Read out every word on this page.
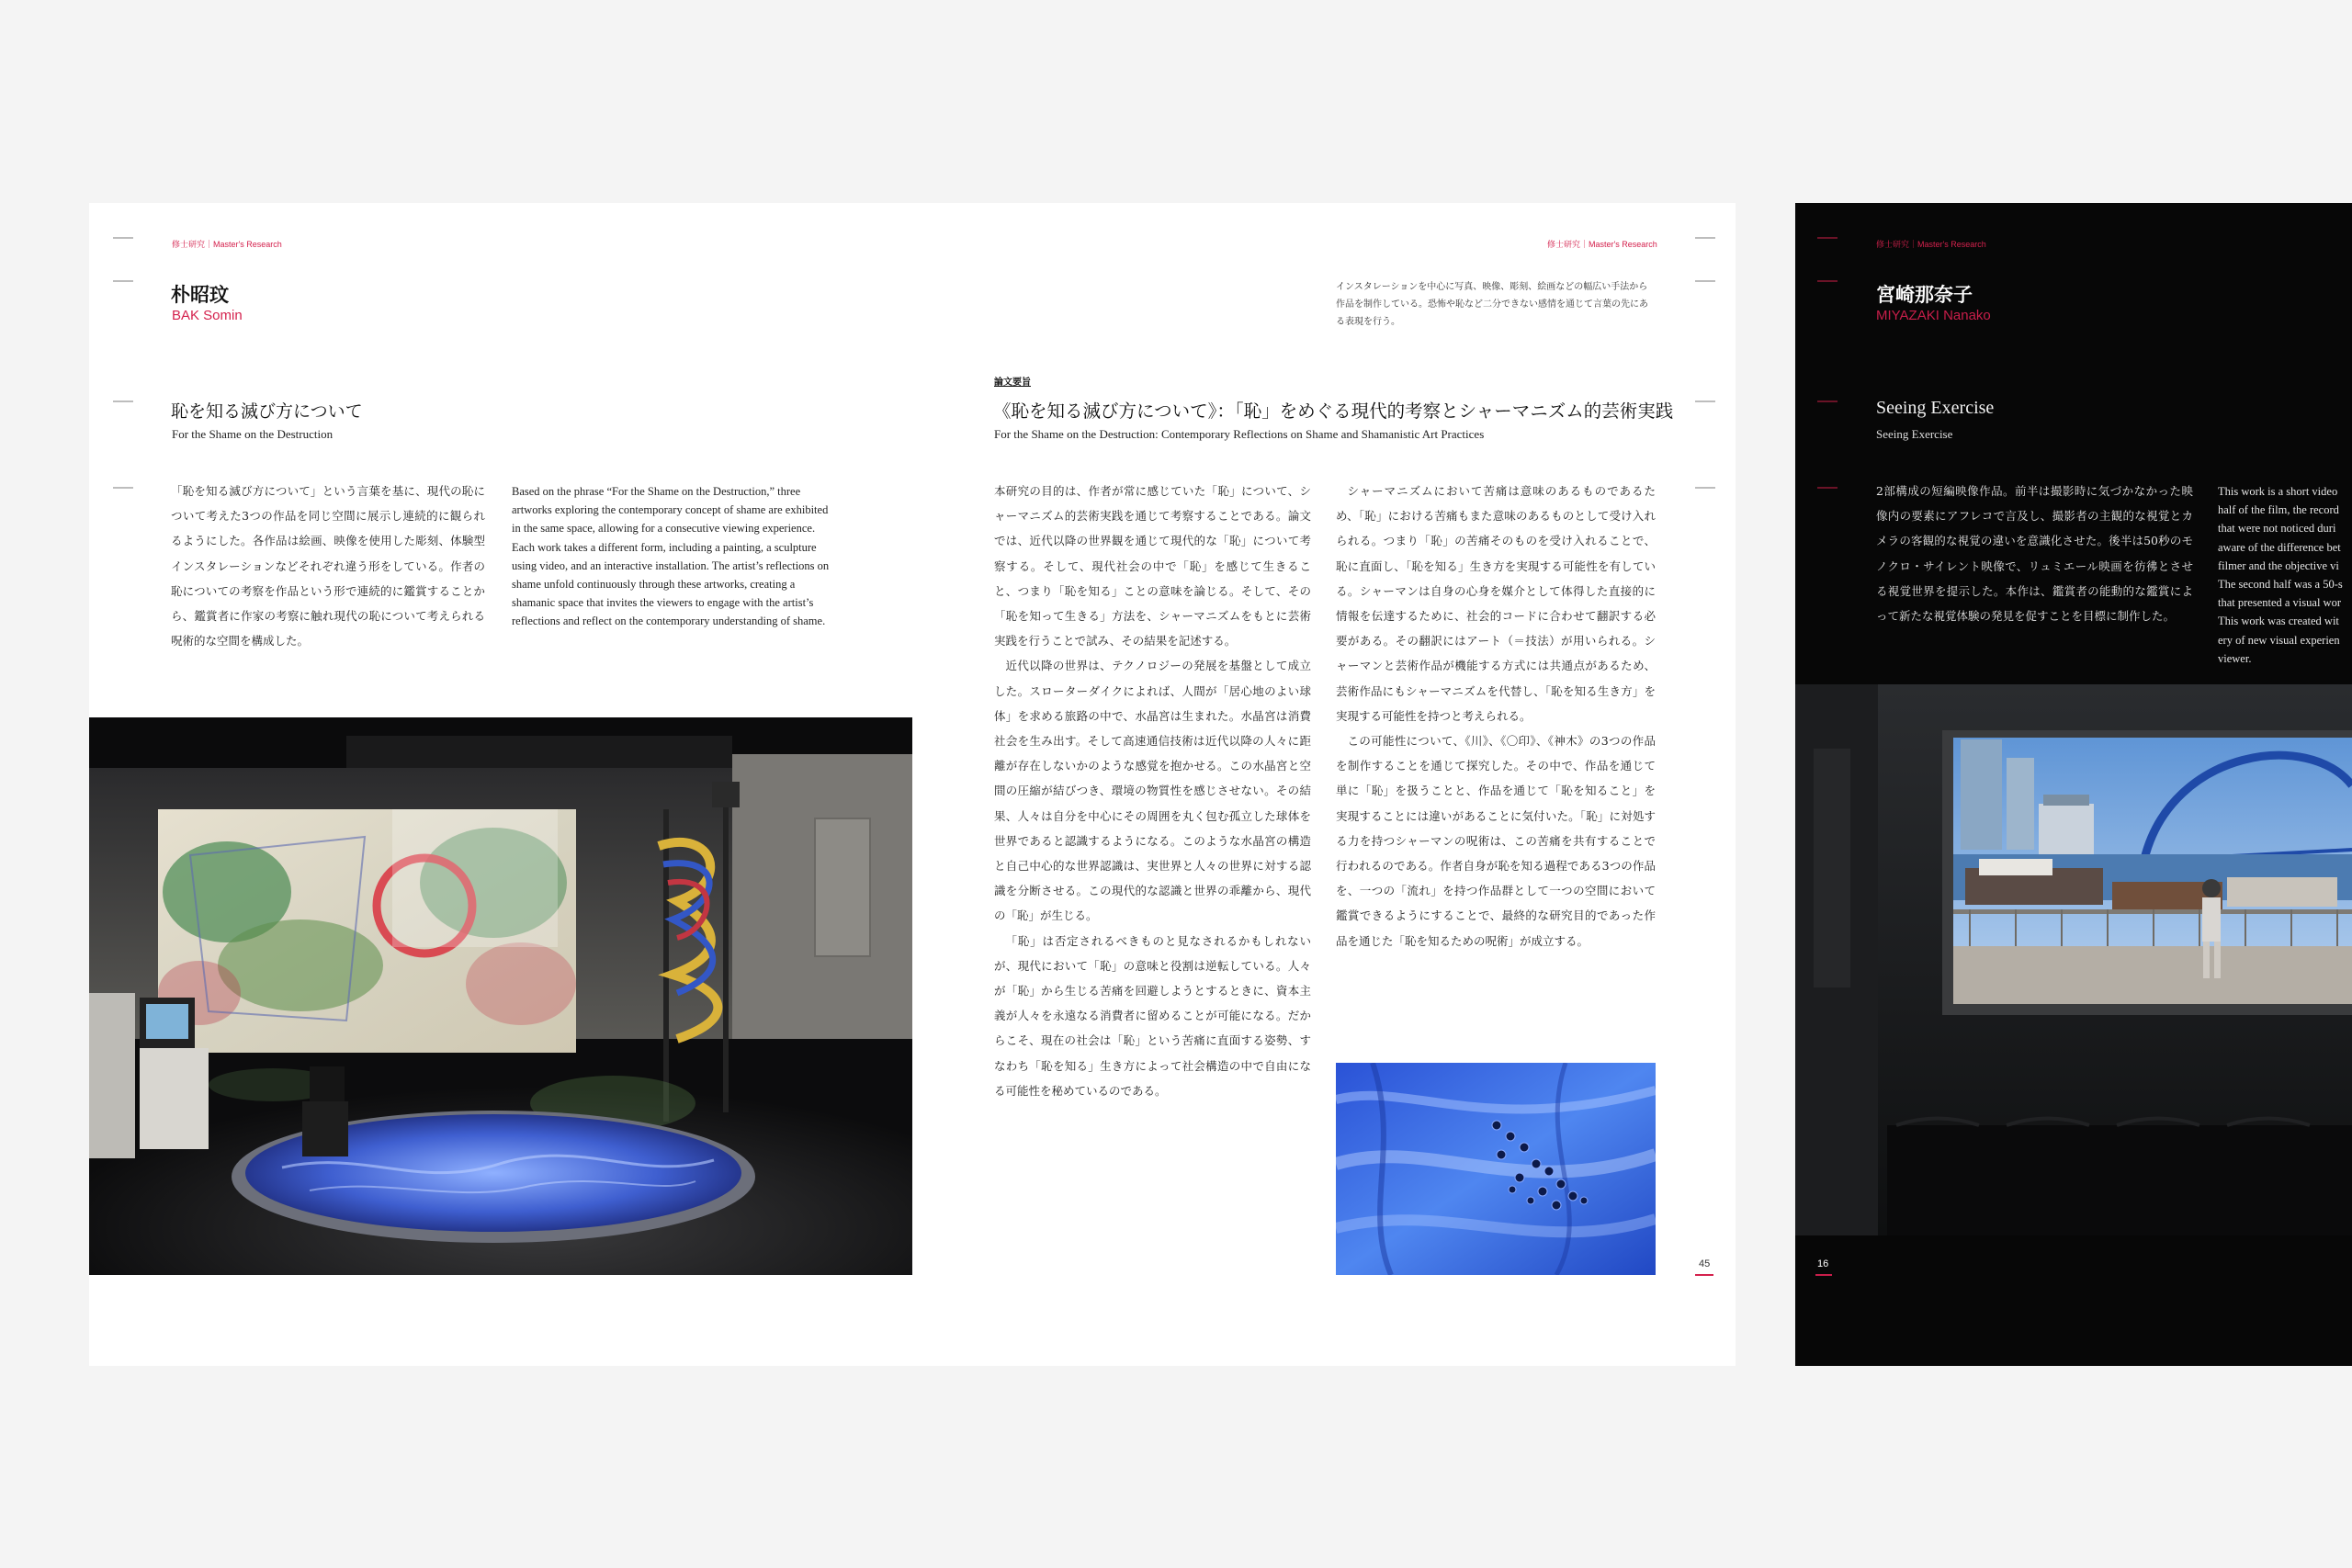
修士研究｜Master's Research
朴昭玟
BAK Somin
恥を知る滅び方について
For the Shame on the Destruction
「恥を知る滅び方について」という言葉を基に、現代の恥について考えた3つの作品を同じ空間に展示し連続的に観られるようにした。各作品は絵画、映像を使用した彫刻、体験型インスタレーションなどそれぞれ違う形をしている。作者の恥についての考察を作品という形で連続的に鑑賞することから、鑑賞者に作家の考察に触れ現代の恥について考えられる呪術的な空間を構成した。
Based on the phrase “For the Shame on the Destruction,” three artworks exploring the contemporary concept of shame are exhibited in the same space, allowing for a consecutive viewing experience. Each work takes a different form, including a painting, a sculpture using video, and an interactive installation. The artist’s reflections on shame unfold continuously through these artworks, creating a shamanic space that invites the viewers to engage with the artist’s reflections and reflect on the contemporary understanding of shame.
修士研究｜Master's Research
インスタレーションを中心に写真、映像、彫刻、絵画などの幅広い手法から作品を制作している。恐怖や恥など二分できない感情を通じて言葉の先にある表現を行う。
論文要旨
《恥を知る滅び方について》：「恥」をめぐる現代的考察とシャーマニズム的芸術実践
For the Shame on the Destruction: Contemporary Reflections on Shame and Shamanistic Art Practices

本研究の目的は、作者が常に感じていた「恥」について、シャーマニズム的芸術実践を通じて考察することである。論文では、近代以降の世界観を通じて現代的な「恥」について考察する。そして、現代社会の中で「恥」を感じて生きること、つまり「恥を知る」ことの意味を論じる。そして、その「恥を知って生きる」方法を、シャーマニズムをもとに芸術実践を行うことで試み、その結果を記述する。

近代以降の世界は、テクノロジーの発展を基盤として成立した。スローターダイクによれば、人間が「居心地のよい球体」を求める旅路の中で、水晶宮は生まれた。水晶宮は消費社会を生み出す。そして高速通信技術は近代以降の人々に距離が存在しないかのような感覚を抱かせる。この水晶宮と空間の圧縮が結びつき、環境の物質性を感じさせない。その結果、人々は自分を中心にその周囲を丸く包む孤立した球体を世界であると認識するようになる。このような水晶宮の構造と自己中心的な世界認識は、実世界と人々の世界に対する認識を分断させる。この現代的な認識と世界の乖離から、現代の「恥」が生じる。

「恥」は否定されるべきものと見なされるかもしれないが、現代において「恥」の意味と役割は逆転している。人々が「恥」から生じる苦痛を回避しようとするときに、資本主義が人々を永遠なる消費者に留めることが可能になる。だからこそ、現在の社会は「恥」という苦痛に直面する姿勢、すなわち「恥を知る」生き方によって社会構造の中で自由になる可能性を秘めているのである。

シャーマニズムにおいて苦痛は意味のあるものであるため、「恥」における苦痛もまた意味のあるものとして受け入れられる。つまり「恥」の苦痛そのものを受け入れることで、恥に直面し、「恥を知る」生き方を実現する可能性を有している。シャーマンは自身の心身を媒介として体得した直接的に情報を伝達するために、社会的コードに合わせて翻訳する必要がある。その翻訳にはアート（＝技法）が用いられる。シャーマンと芸術作品が機能する方式には共通点があるため、芸術作品にもシャーマニズムを代替し、「恥を知る生き方」を実現する可能性を持つと考えられる。

この可能性について、《川》、《〇印》、《神木》の3つの作品を制作することを通じて探究した。その中で、作品を通じて単に「恥」を扱うことと、作品を通じて「恥を知ること」を実現することには違いがあることに気付いた。「恥」に対処する力を持つシャーマンの呪術は、この苦痛を共有することで行われるのである。作者自身が恥を知る過程である3つの作品を、一つの「流れ」を持つ作品群として一つの空間において鑑賞できるようにすることで、最終的な研究目的であった作品を通じた「恥を知るための呪術」が成立する。

45
修士研究｜Master's Research
宮崎那奈子
MIYAZAKI Nanako
Seeing Exercise
Seeing Exercise
2部構成の短編映像作品。前半は撮影時に気づかなかった映像内の要素にアフレコで言及し、撮影者の主観的な視覚とカメラの客観的な視覚の違いを意識化させた。後半は50秒のモノクロ・サイレント映像で、リュミエール映画を彷彿とさせる視覚世界を提示した。本作は、鑑賞者の能動的な鑑賞によって新たな視覚体験の発見を促すことを目標に制作した。
This work is a short video
half of the film, the record
that were not noticed duri
aware of the difference bet
filmer and the objective vi
The second half was a 50-s
that presented a visual wor
This work was created wit
ery of new visual experien
viewer.
16
